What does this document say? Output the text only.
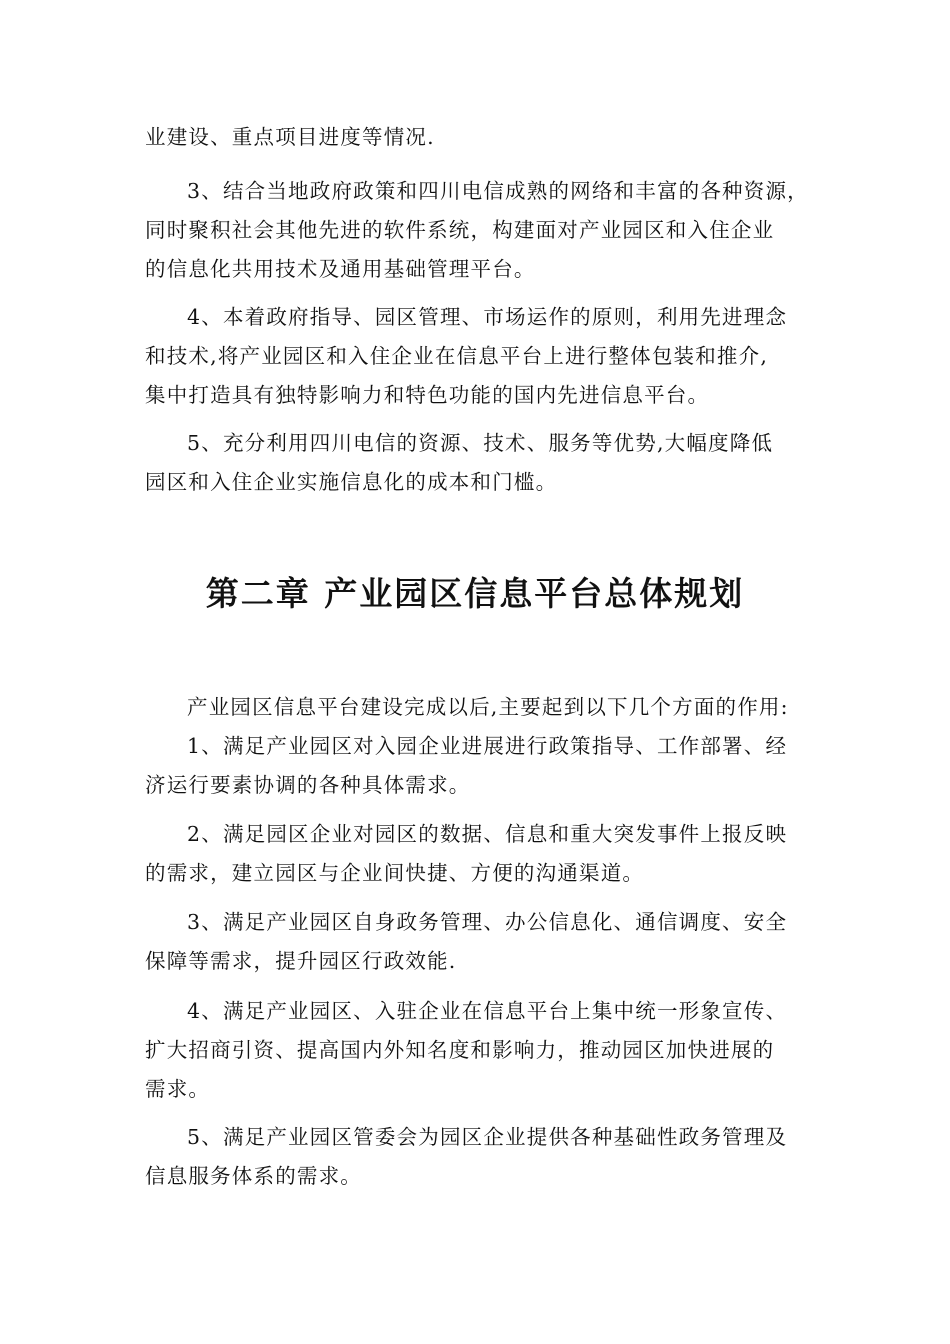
业建设、重点项目进度等情况.

3、结合当地政府政策和四川电信成熟的网络和丰富的各种资源，
同时聚积社会其他先进的软件系统，构建面对产业园区和入住企业
的信息化共用技术及通用基础管理平台。

4、本着政府指导、园区管理、市场运作的原则，利用先进理念
和技术,将产业园区和入住企业在信息平台上进行整体包装和推介,
集中打造具有独特影响力和特色功能的国内先进信息平台。

5、充分利用四川电信的资源、技术、服务等优势,大幅度降低
园区和入住企业实施信息化的成本和门槛。

第二章 产业园区信息平台总体规划

产业园区信息平台建设完成以后,主要起到以下几个方面的作用:

1、满足产业园区对入园企业进展进行政策指导、工作部署、经
济运行要素协调的各种具体需求。

2、满足园区企业对园区的数据、信息和重大突发事件上报反映
的需求，建立园区与企业间快捷、方便的沟通渠道。

3、满足产业园区自身政务管理、办公信息化、通信调度、安全
保障等需求，提升园区行政效能.

4、满足产业园区、入驻企业在信息平台上集中统一形象宣传、
扩大招商引资、提高国内外知名度和影响力，推动园区加快进展的
需求。

5、满足产业园区管委会为园区企业提供各种基础性政务管理及
信息服务体系的需求。
